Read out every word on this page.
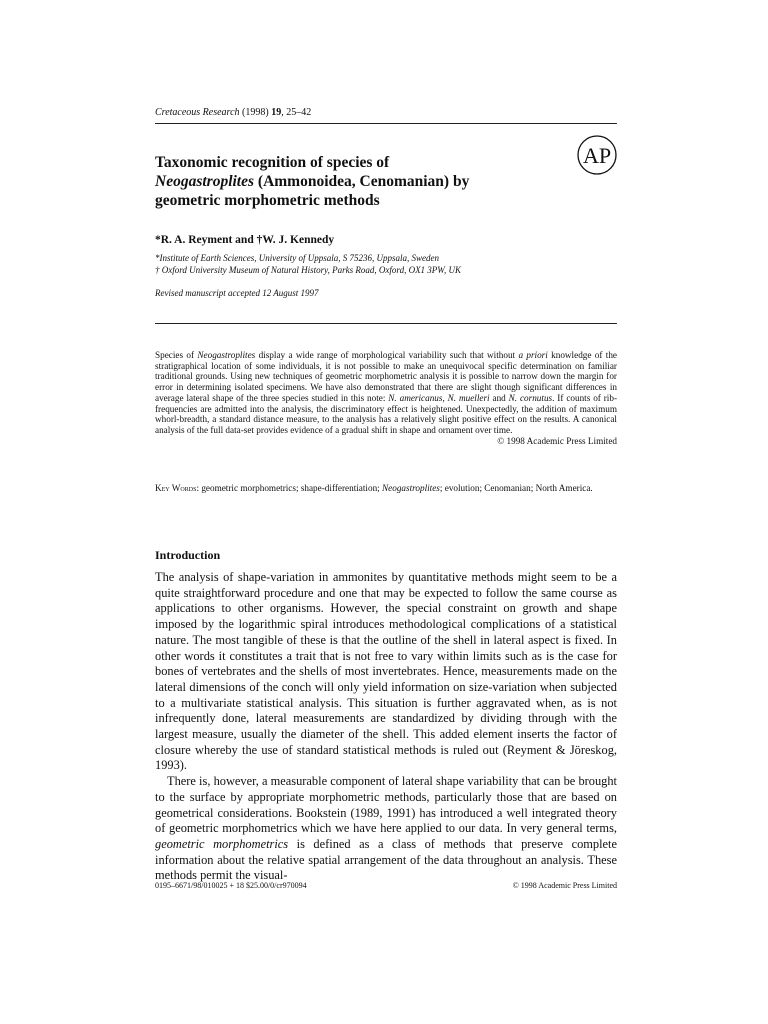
Cretaceous Research (1998) 19, 25–42
Taxonomic recognition of species of
Neogastroplites (Ammonoidea, Cenomanian) by
geometric morphometric methods
AP
*R. A. Reyment and †W. J. Kennedy
*Institute of Earth Sciences, University of Uppsala, S 75236, Uppsala, Sweden
† Oxford University Museum of Natural History, Parks Road, Oxford, OX1 3PW, UK
Revised manuscript accepted 12 August 1997
Species of Neogastroplites display a wide range of morphological variability such that without a priori knowledge of the stratigraphical location of some individuals, it is not possible to make an unequivocal specific determination on familiar traditional grounds. Using new techniques of geometric morphometric analysis it is possible to narrow down the margin for error in determining isolated specimens. We have also demonstrated that there are slight though significant differences in average lateral shape of the three species studied in this note: N. americanus, N. muelleri and N. cornutus. If counts of rib-frequencies are admitted into the analysis, the discriminatory effect is heightened. Unexpectedly, the addition of maximum whorl-breadth, a standard distance measure, to the analysis has a relatively slight positive effect on the results. A canonical analysis of the full data-set provides evidence of a gradual shift in shape and ornament over time.
© 1998 Academic Press Limited
Key Words: geometric morphometrics; shape-differentiation; Neogastroplites; evolution; Cenomanian; North America.
Introduction

The analysis of shape-variation in ammonites by quantitative methods might seem to be a quite straightforward procedure and one that may be expected to follow the same course as applications to other organisms. However, the special constraint on growth and shape imposed by the logarithmic spiral introduces methodological complications of a statistical nature. The most tangible of these is that the outline of the shell in lateral aspect is fixed. In other words it constitutes a trait that is not free to vary within limits such as is the case for bones of vertebrates and the shells of most invertebrates. Hence, measurements made on the lateral dimensions of the conch will only yield information on size-variation when subjected to a multivariate statistical analysis. This situation is further aggravated when, as is not infrequently done, lateral measurements are standardized by dividing through with the largest measure, usually the diameter of the shell. This added element inserts the factor of closure whereby the use of standard statistical methods is ruled out (Reyment & Jöreskog, 1993).

There is, however, a measurable component of lateral shape variability that can be brought to the surface by appropriate morphometric methods, particularly those that are based on geometrical considerations. Bookstein (1989, 1991) has introduced a well integrated theory of geometric morphometrics which we have here applied to our data. In very general terms, geometric morphometrics is defined as a class of methods that preserve complete information about the relative spatial arrangement of the data throughout an analysis. These methods permit the visual-

0195–6671/98/010025 + 18 $25.00/0/cr970094	© 1998 Academic Press Limited
